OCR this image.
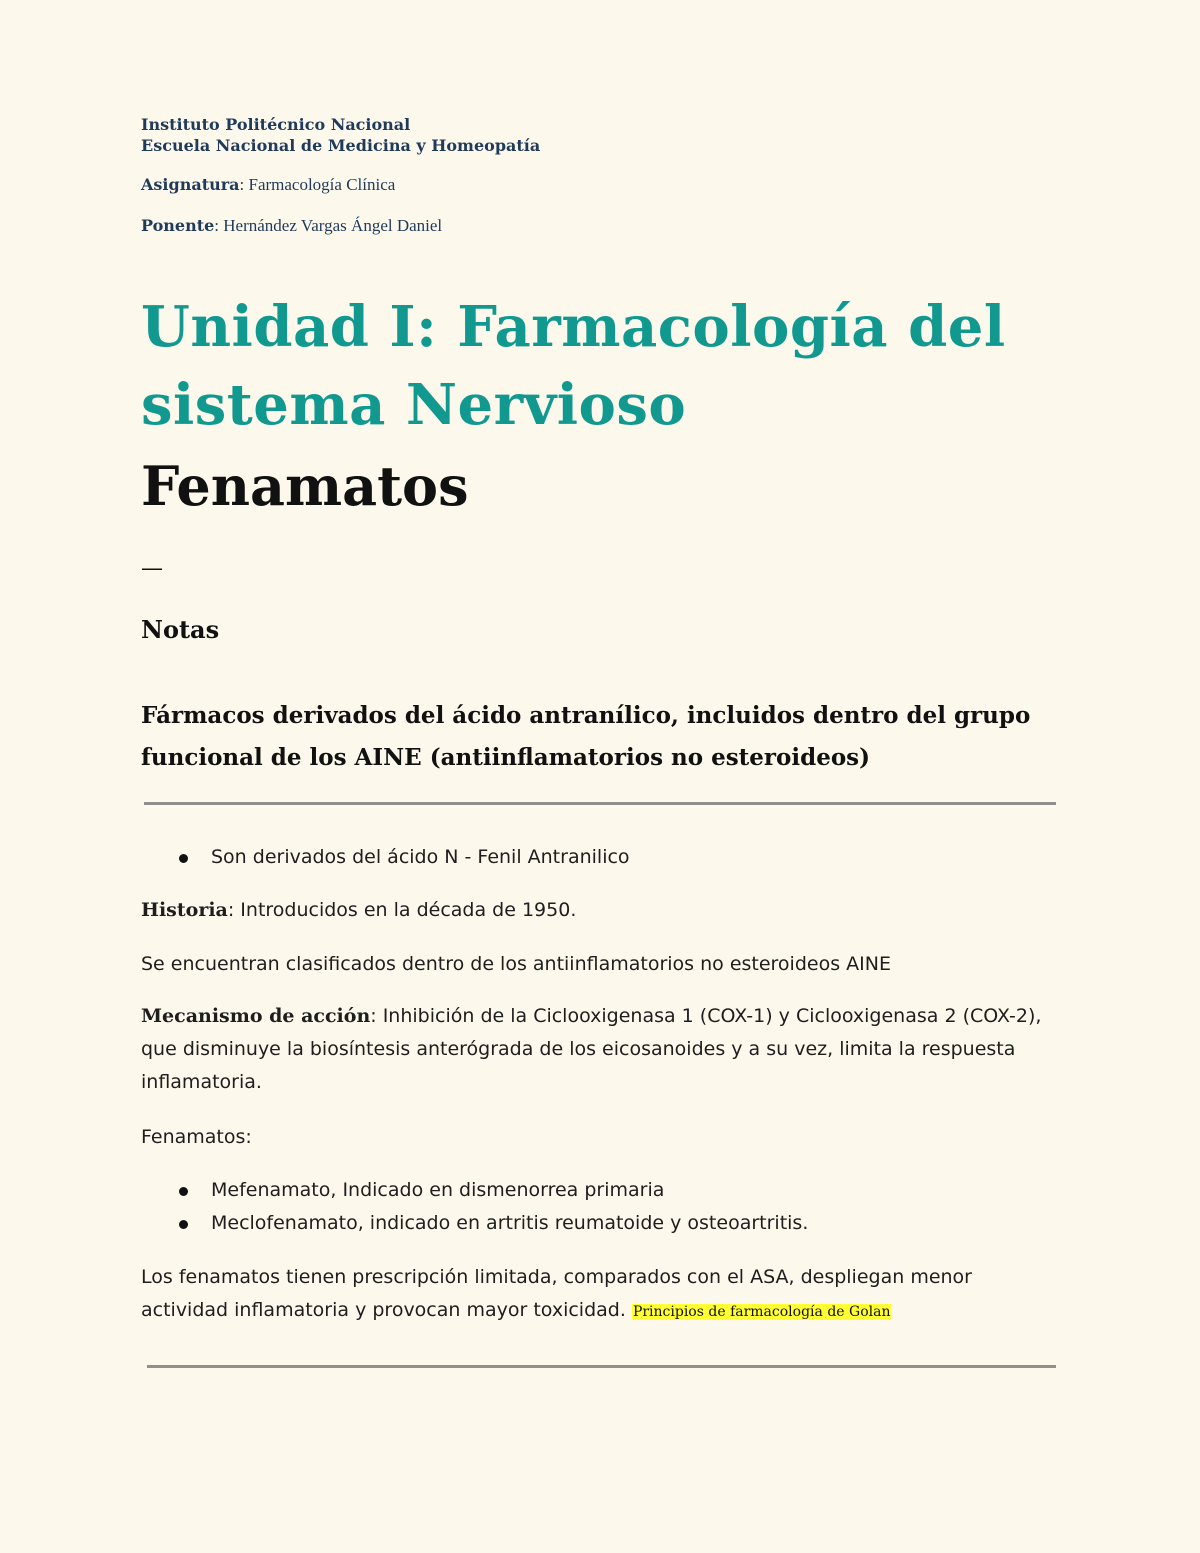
Instituto Politécnico Nacional
Escuela Nacional de Medicina y Homeopatía
Asignatura: Farmacología Clínica
Ponente: Hernández Vargas Ángel Daniel
Unidad I: Farmacología del sistema Nervioso
Fenamatos
—
Notas
Fármacos derivados del ácido antranílico, incluidos dentro del grupo funcional de los AINE (antiinflamatorios no esteroideos)
Son derivados del ácido N - Fenil Antranilico
Historia: Introducidos en la década de 1950.
Se encuentran clasificados dentro de los antiinflamatorios no esteroideos AINE
Mecanismo de acción: Inhibición de la Ciclooxigenasa 1 (COX-1) y Ciclooxigenasa 2 (COX-2), que disminuye la biosíntesis anterógrada de los eicosanoides y a su vez, limita la respuesta inflamatoria.
Fenamatos:
Mefenamato, Indicado en dismenorrea primaria
Meclofenamato, indicado en artritis reumatoide y osteoartritis.
Los fenamatos tienen prescripción limitada, comparados con el ASA, despliegan menor actividad inflamatoria y provocan mayor toxicidad. Principios de farmacología de Golan
